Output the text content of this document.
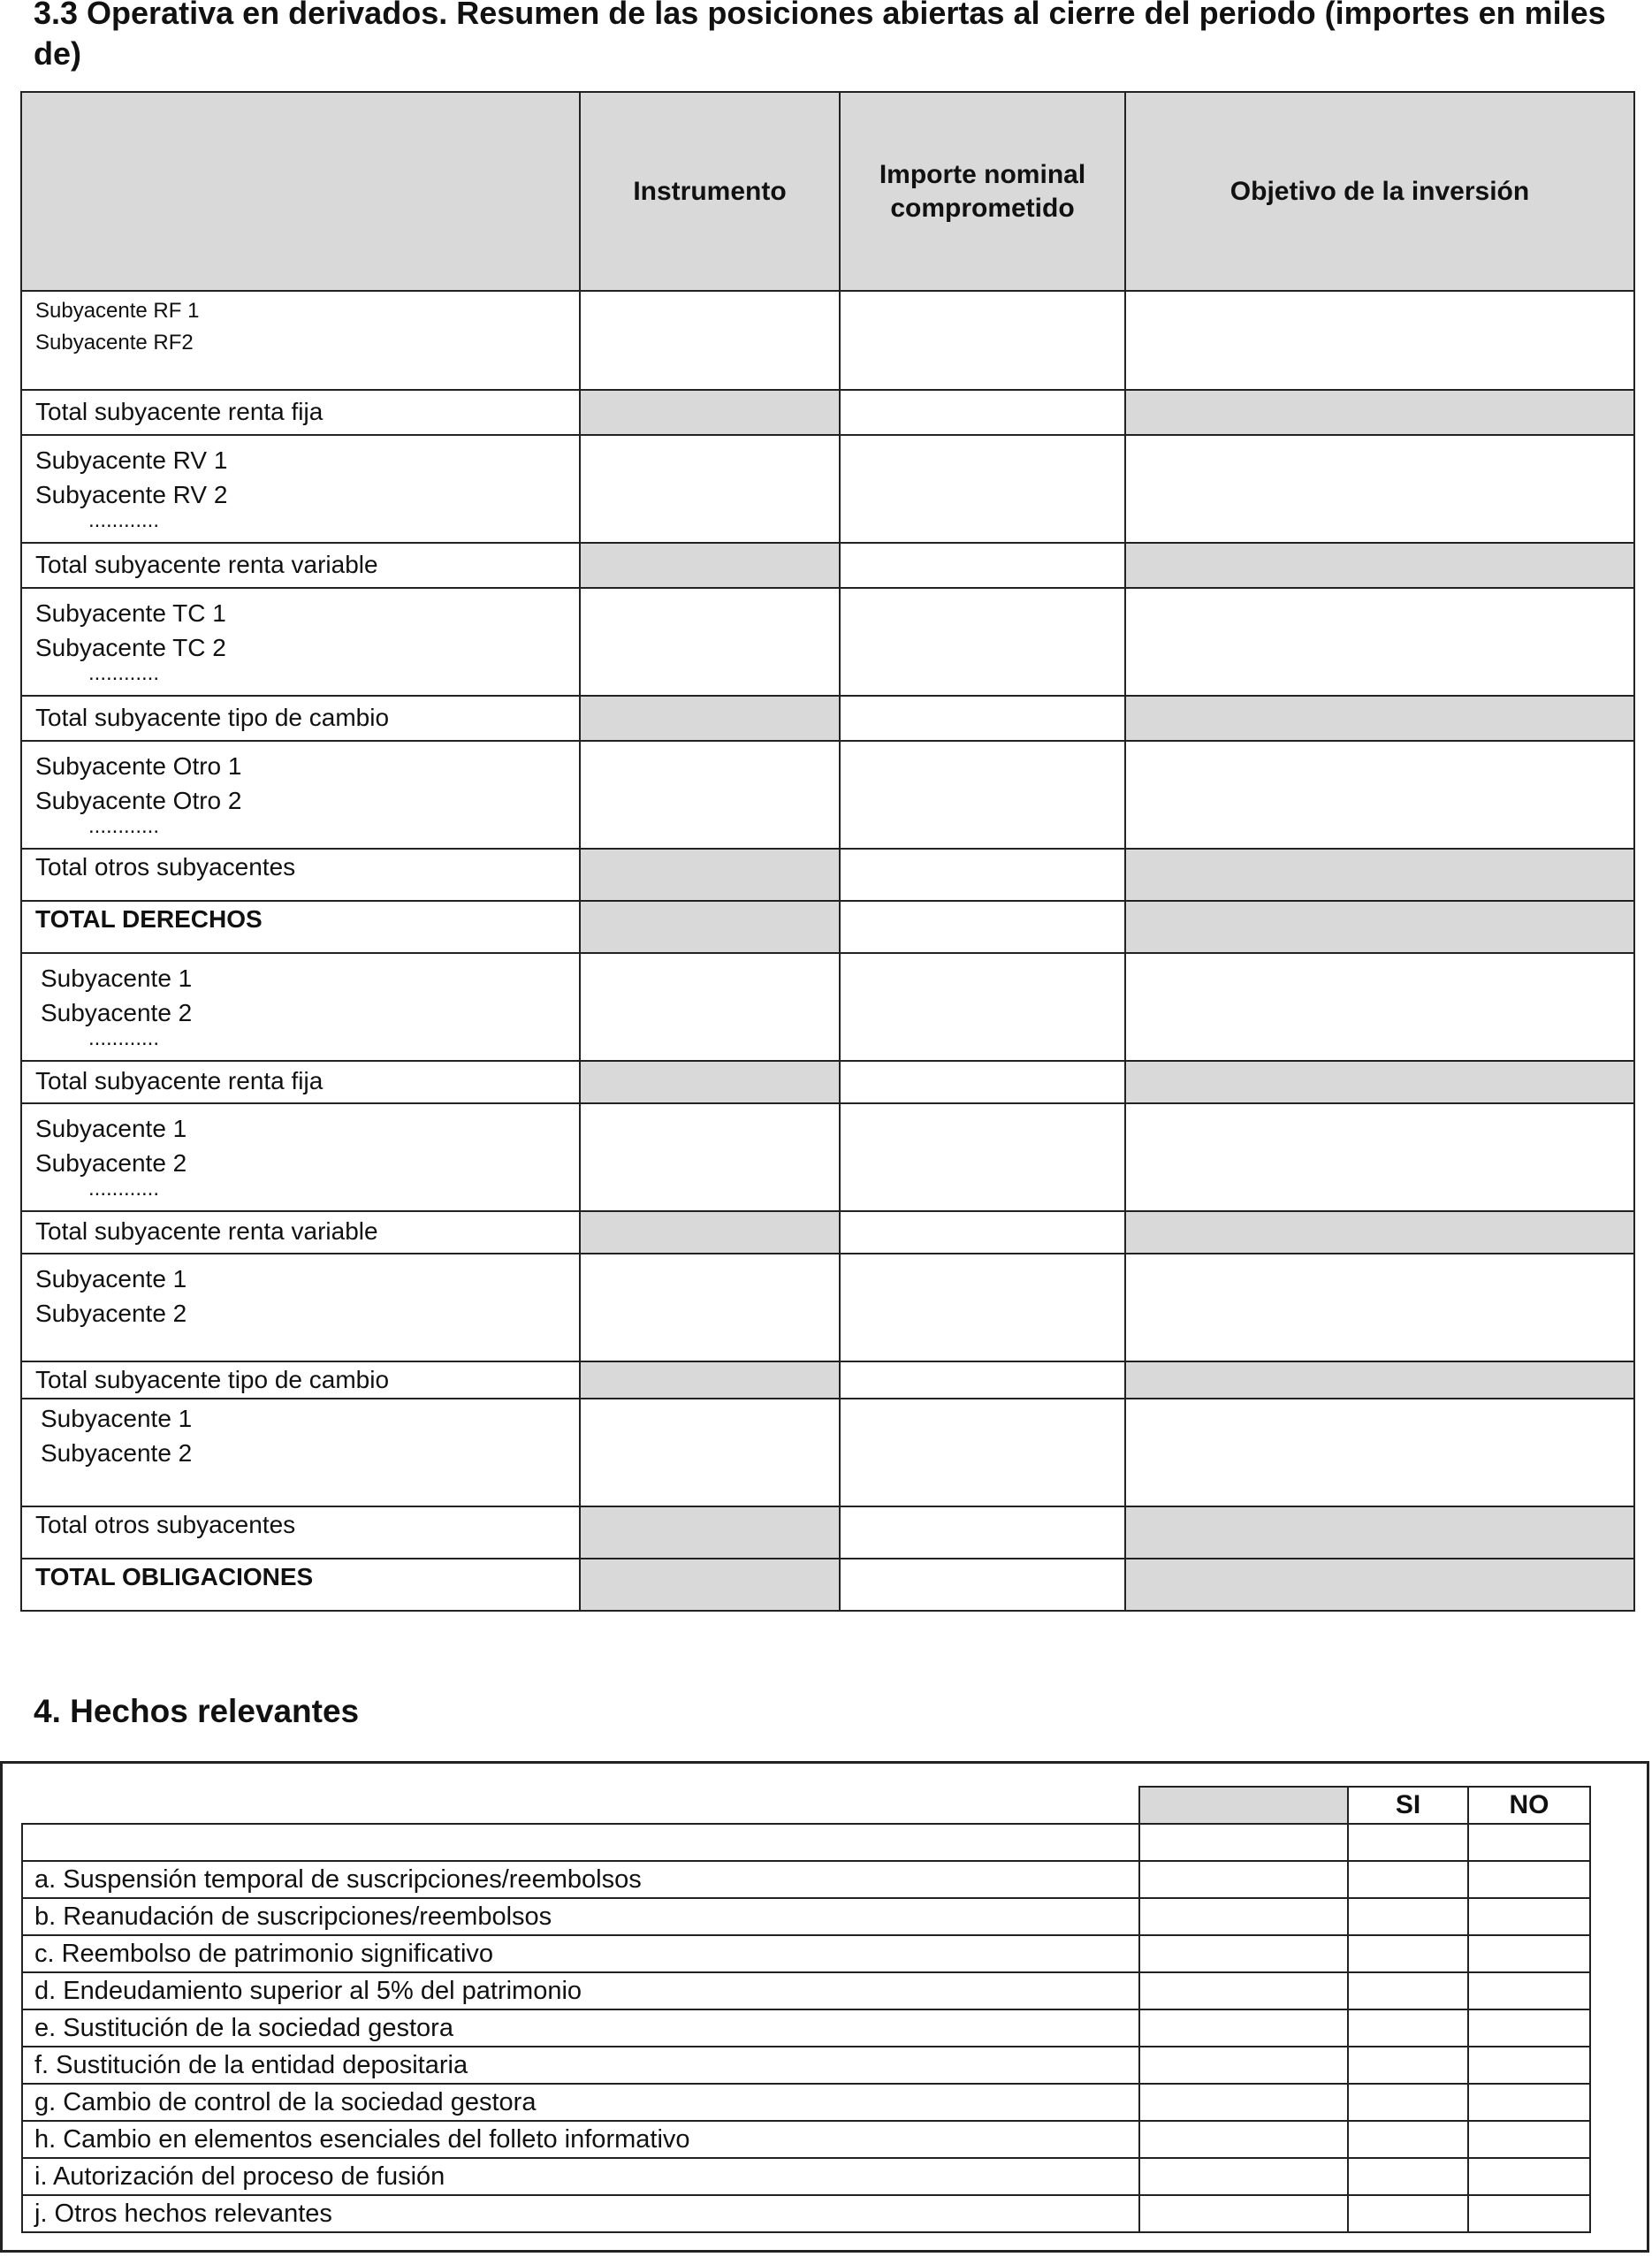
3.3 Operativa en derivados. Resumen de las posiciones abiertas al cierre del periodo (importes en miles de)
	Instrumento	Importe nominal comprometido	Objetivo de la inversión

Subyacente RF 1
Subyacente RF2			

Total subyacente renta fija			

Subyacente RV 1
Subyacente RV 2
............			

Total subyacente renta variable			

Subyacente TC 1
Subyacente TC 2
............			

Total subyacente tipo de cambio			

Subyacente Otro 1
Subyacente Otro 2
............			

Total otros subyacentes			
TOTAL DERECHOS			

Subyacente 1
Subyacente 2
............			

Total subyacente renta fija			

Subyacente 1
Subyacente 2
............			

Total subyacente renta variable			

Subyacente 1
Subyacente 2			

Total subyacente tipo de cambio			

Subyacente 1
Subyacente 2			

Total otros subyacentes			
TOTAL OBLIGACIONES			
4. Hechos relevantes
		SI	NO

a. Suspensión temporal de suscripciones/reembolsos			
b. Reanudación de suscripciones/reembolsos			
c. Reembolso de patrimonio significativo			
d. Endeudamiento superior al 5% del patrimonio			
e. Sustitución de la sociedad gestora			
f. Sustitución de la entidad depositaria			
g. Cambio de control de la sociedad gestora			
h. Cambio en elementos esenciales del folleto informativo			
i. Autorización del proceso de fusión			
j. Otros hechos relevantes			
